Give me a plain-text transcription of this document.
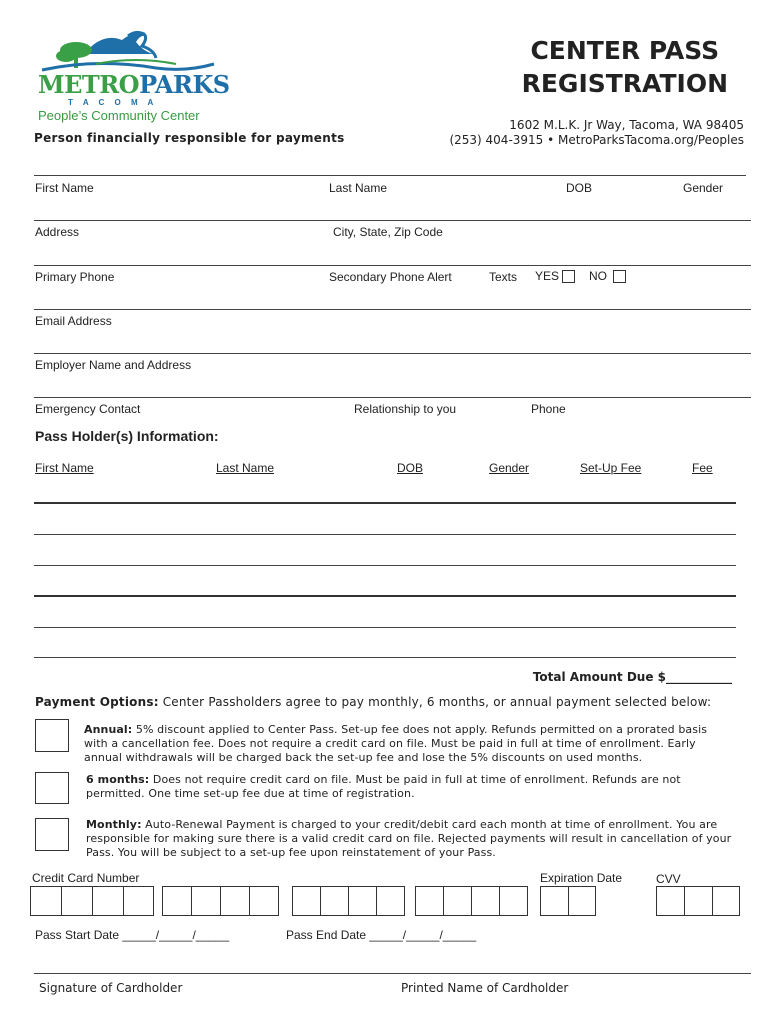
METROPARKS
T A C O M A
People’s Community Center
Person financially responsible for payments
CENTER PASS
REGISTRATION
1602 M.L.K. Jr Way, Tacoma, WA 98405
(253) 404-3915 • MetroParksTacoma.org/Peoples
First Name	Last Name	DOB	Gender
Address	City, State, Zip Code
Primary Phone	Secondary Phone Alert	Texts YES	NO
Email Address
Employer Name and Address
Emergency Contact	Relationship to you	Phone
Pass Holder(s) Information:
First Name	Last Name	DOB	Gender	Set-Up Fee	Fee
Total Amount Due $___________
Payment Options: Center Passholders agree to pay monthly, 6 months, or annual payment selected below:
Annual: 5% discount applied to Center Pass. Set-up fee does not apply. Refunds permitted on a prorated basis with a cancellation fee. Does not require a credit card on file. Must be paid in full at time of enrollment. Early annual withdrawals will be charged back the set-up fee and lose the 5% discounts on used months.
6 months: Does not require credit card on file. Must be paid in full at time of enrollment. Refunds are not permitted. One time set-up fee due at time of registration.
Monthly: Auto-Renewal Payment is charged to your credit/debit card each month at time of enrollment. You are responsible for making sure there is a valid credit card on file. Rejected payments will result in cancellation of your Pass. You will be subject to a set-up fee upon reinstatement of your Pass.
Credit Card Number	Expiration Date	CVV
Pass Start Date _____/_____/_____	Pass End Date _____/_____/_____
Signature of Cardholder	Printed Name of Cardholder
